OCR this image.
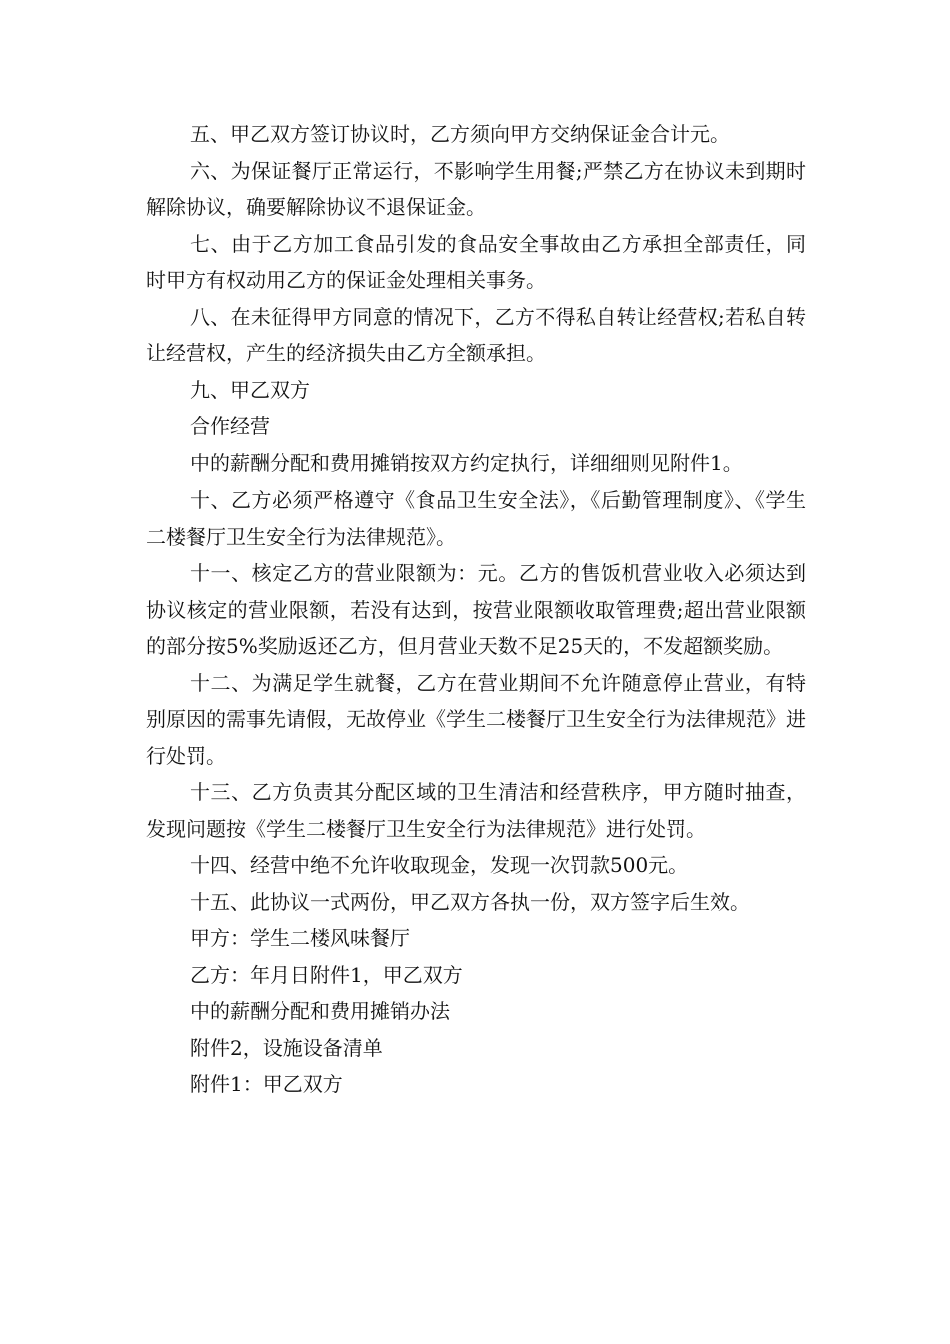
五、甲乙双方签订协议时，乙方须向甲方交纳保证金合计元。

六、为保证餐厅正常运行，不影响学生用餐;严禁乙方在协议未到期时解除协议，确要解除协议不退保证金。

七、由于乙方加工食品引发的食品安全事故由乙方承担全部责任，同时甲方有权动用乙方的保证金处理相关事务。

八、在未征得甲方同意的情况下，乙方不得私自转让经营权;若私自转让经营权，产生的经济损失由乙方全额承担。

九、甲乙双方

合作经营

中的薪酬分配和费用摊销按双方约定执行，详细细则见附件1。

十、乙方必须严格遵守《食品卫生安全法》，《后勤管理制度》、《学生二楼餐厅卫生安全行为法律规范》。

十一、核定乙方的营业限额为：元。乙方的售饭机营业收入必须达到协议核定的营业限额，若没有达到，按营业限额收取管理费;超出营业限额的部分按5%奖励返还乙方，但月营业天数不足25天的，不发超额奖励。

十二、为满足学生就餐，乙方在营业期间不允许随意停止营业，有特别原因的需事先请假，无故停业《学生二楼餐厅卫生安全行为法律规范》进行处罚。

十三、乙方负责其分配区域的卫生清洁和经营秩序，甲方随时抽查，发现问题按《学生二楼餐厅卫生安全行为法律规范》进行处罚。

十四、经营中绝不允许收取现金，发现一次罚款500元。

十五、此协议一式两份，甲乙双方各执一份，双方签字后生效。

甲方：学生二楼风味餐厅

乙方：年月日附件1，甲乙双方

中的薪酬分配和费用摊销办法

附件2，设施设备清单

附件1：甲乙双方
